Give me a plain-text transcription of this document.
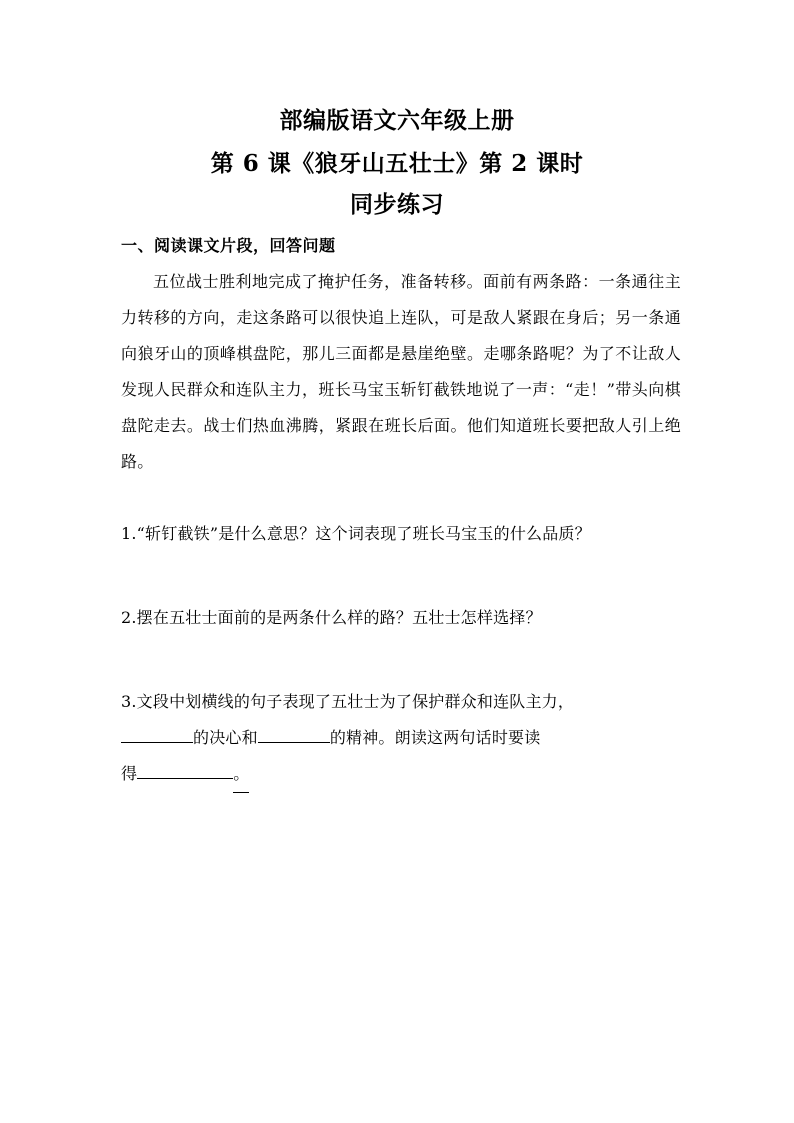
部编版语文六年级上册
第 6 课《狼牙山五壮士》第 2 课时
同步练习
一、阅读课文片段，回答问题
五位战士胜利地完成了掩护任务，准备转移。面前有两条路：一条通往主力转移的方向，走这条路可以很快追上连队，可是敌人紧跟在身后；另一条通向狼牙山的顶峰棋盘陀，那儿三面都是悬崖绝壁。走哪条路呢？为了不让敌人发现人民群众和连队主力，班长马宝玉斩钉截铁地说了一声：“走！”带头向棋盘陀走去。战士们热血沸腾，紧跟在班长后面。他们知道班长要把敌人引上绝路。
1.“斩钉截铁”是什么意思？这个词表现了班长马宝玉的什么品质？
2.摆在五壮士面前的是两条什么样的路？五壮士怎样选择？
3.文段中划横线的句子表现了五壮士为了保护群众和连队主力，
的决心和	的精神。朗读这两句话时要读
得	。
